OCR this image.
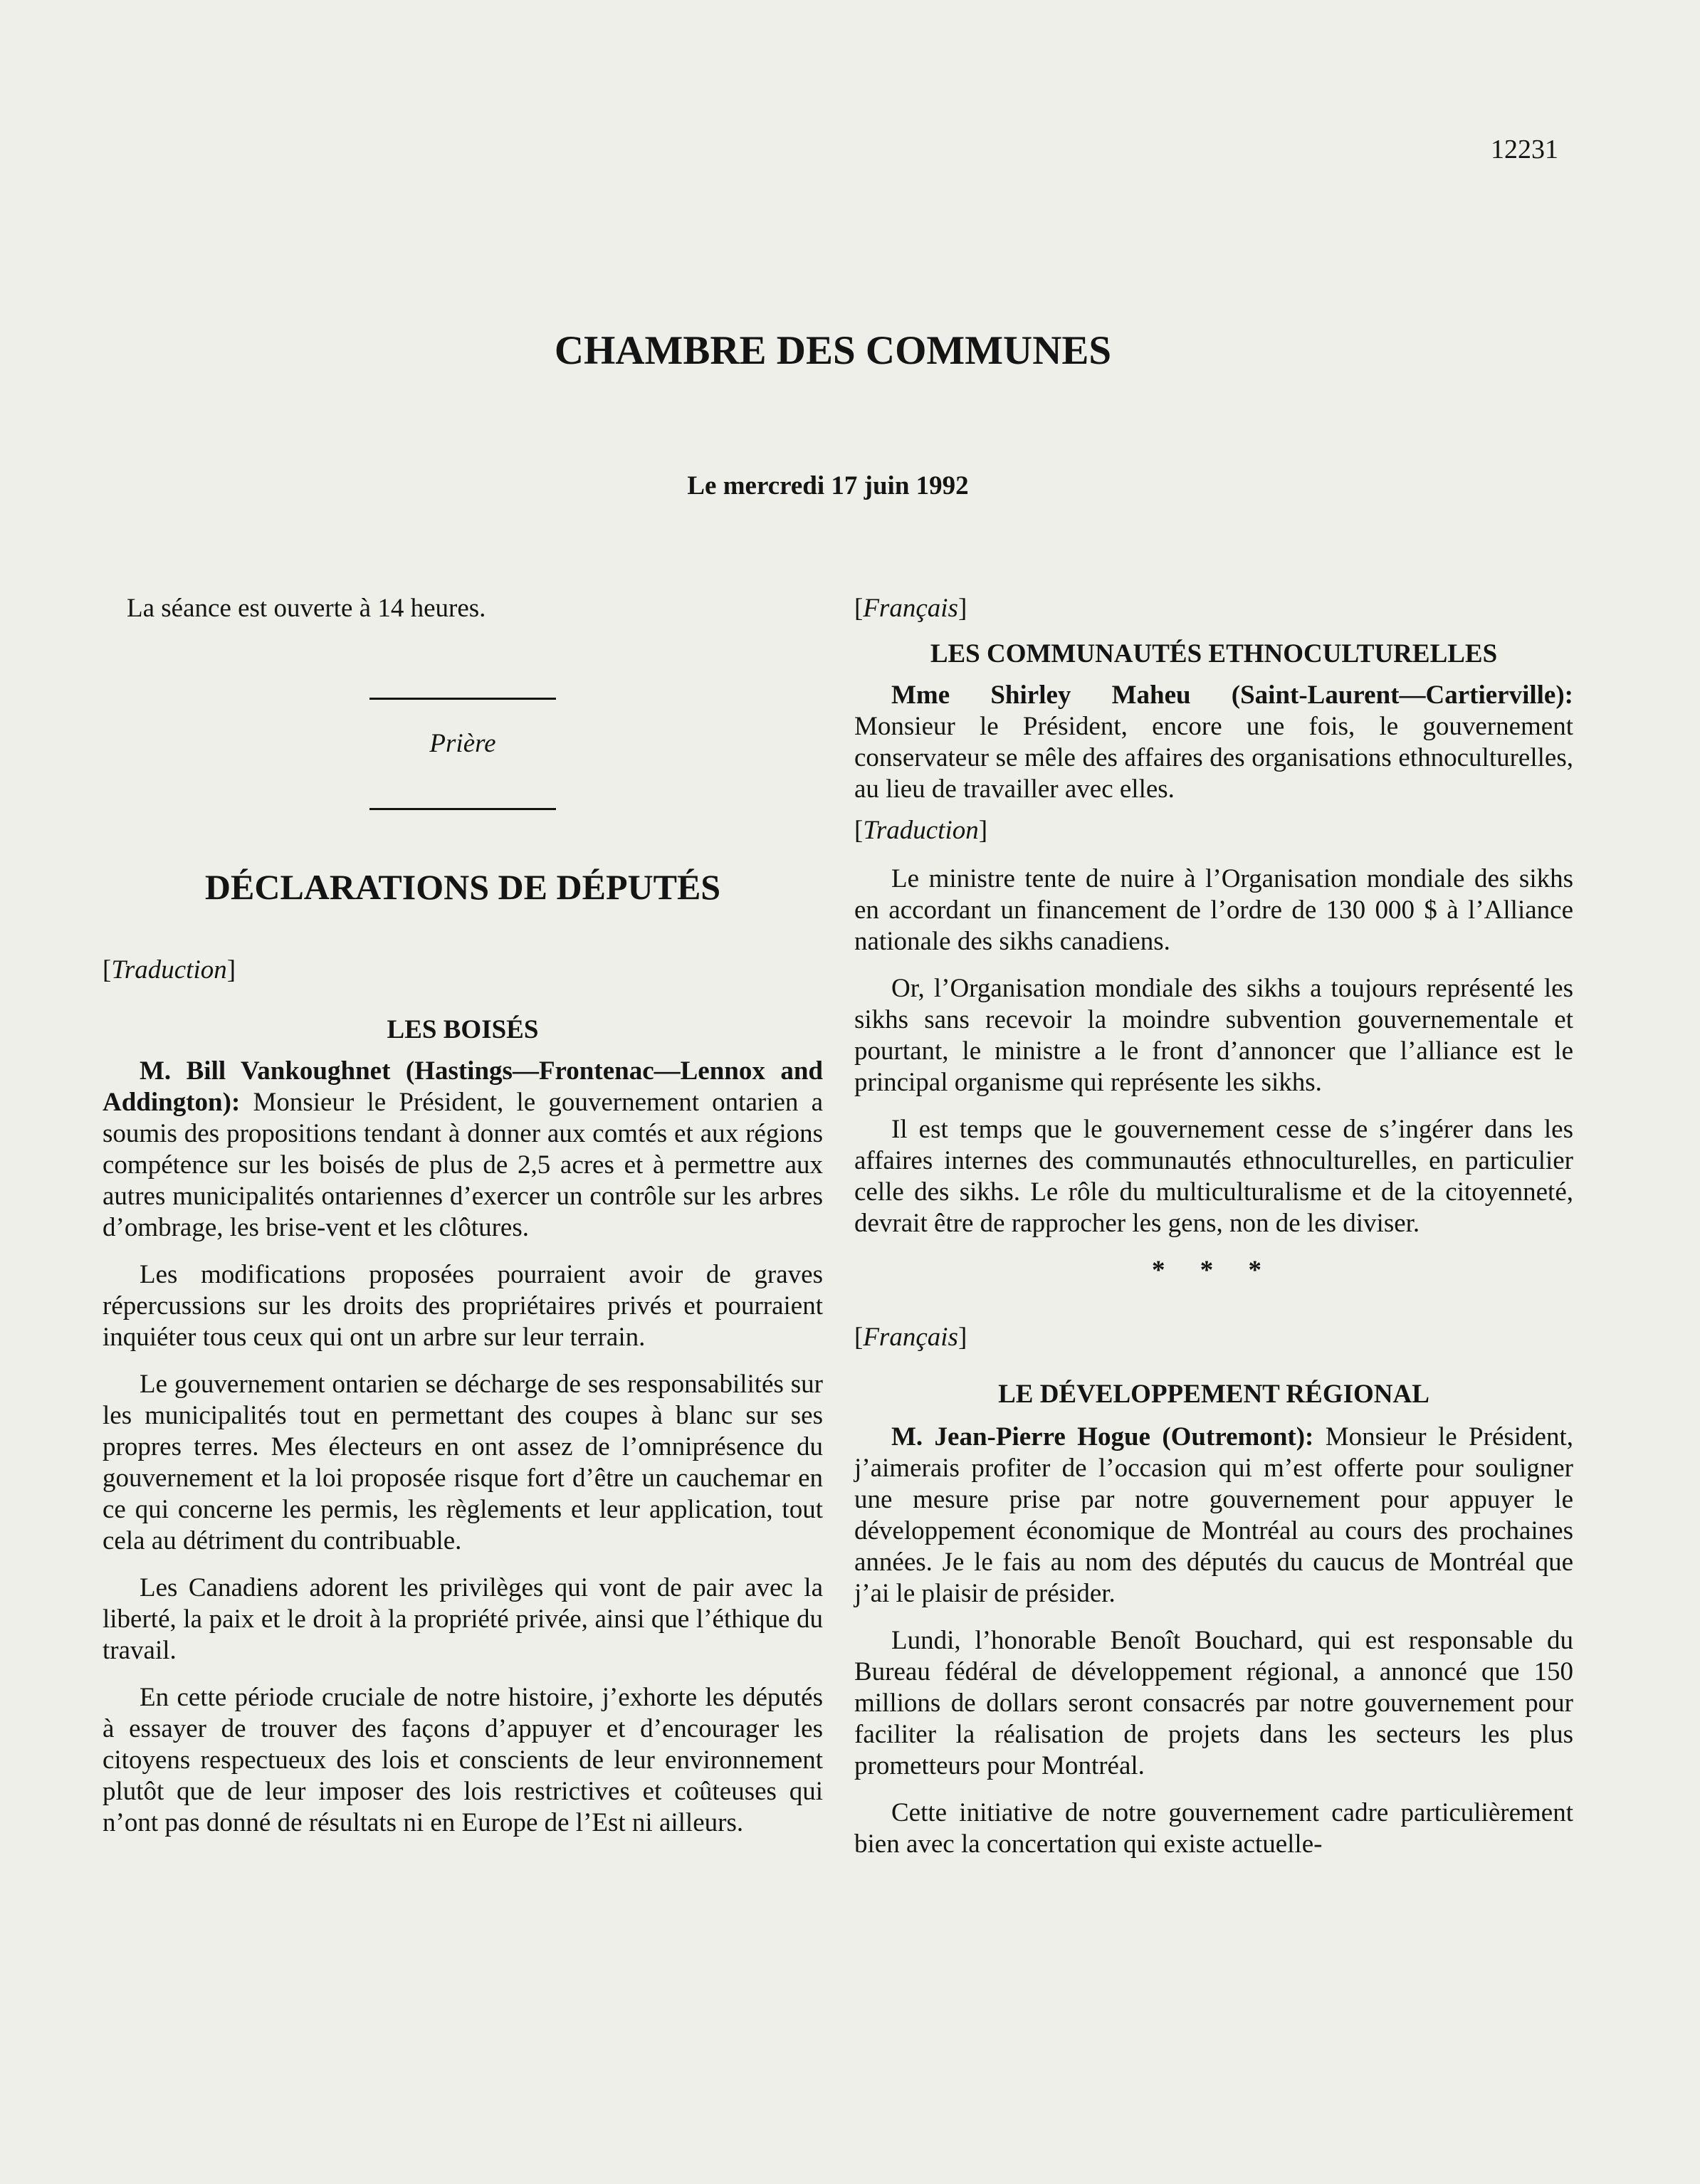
12231
CHAMBRE DES COMMUNES
Le mercredi 17 juin 1992

La séance est ouverte à 14 heures.

Prière

DÉCLARATIONS DE DÉPUTÉS

[Traduction]

LES BOISÉS

M. Bill Vankoughnet (Hastings—Frontenac—Lennox and Addington): Monsieur le Président, le gouvernement ontarien a soumis des propositions tendant à donner aux comtés et aux régions compétence sur les boisés de plus de 2,5 acres et à permettre aux autres municipalités ontariennes d’exercer un contrôle sur les arbres d’ombrage, les brise-vent et les clôtures.

Les modifications proposées pourraient avoir de graves répercussions sur les droits des propriétaires privés et pourraient inquiéter tous ceux qui ont un arbre sur leur terrain.

Le gouvernement ontarien se décharge de ses responsabilités sur les municipalités tout en permettant des coupes à blanc sur ses propres terres. Mes électeurs en ont assez de l’omniprésence du gouvernement et la loi proposée risque fort d’être un cauchemar en ce qui concerne les permis, les règlements et leur application, tout cela au détriment du contribuable.

Les Canadiens adorent les privilèges qui vont de pair avec la liberté, la paix et le droit à la propriété privée, ainsi que l’éthique du travail.

En cette période cruciale de notre histoire, j’exhorte les députés à essayer de trouver des façons d’appuyer et d’encourager les citoyens respectueux des lois et conscients de leur environnement plutôt que de leur imposer des lois restrictives et coûteuses qui n’ont pas donné de résultats ni en Europe de l’Est ni ailleurs.

[Français]

LES COMMUNAUTÉS ETHNOCULTURELLES

Mme Shirley Maheu (Saint-Laurent—Cartierville): Monsieur le Président, encore une fois, le gouvernement conservateur se mêle des affaires des organisations ethnoculturelles, au lieu de travailler avec elles.

[Traduction]

Le ministre tente de nuire à l’Organisation mondiale des sikhs en accordant un financement de l’ordre de 130 000 $ à l’Alliance nationale des sikhs canadiens.

Or, l’Organisation mondiale des sikhs a toujours représenté les sikhs sans recevoir la moindre subvention gouvernementale et pourtant, le ministre a le front d’annoncer que l’alliance est le principal organisme qui représente les sikhs.

Il est temps que le gouvernement cesse de s’ingérer dans les affaires internes des communautés ethnoculturelles, en particulier celle des sikhs. Le rôle du multiculturalisme et de la citoyenneté, devrait être de rapprocher les gens, non de les diviser.

* * *

[Français]

LE DÉVELOPPEMENT RÉGIONAL

M. Jean-Pierre Hogue (Outremont): Monsieur le Président, j’aimerais profiter de l’occasion qui m’est offerte pour souligner une mesure prise par notre gouvernement pour appuyer le développement économique de Montréal au cours des prochaines années. Je le fais au nom des députés du caucus de Montréal que j’ai le plaisir de présider.

Lundi, l’honorable Benoît Bouchard, qui est responsable du Bureau fédéral de développement régional, a annoncé que 150 millions de dollars seront consacrés par notre gouvernement pour faciliter la réalisation de projets dans les secteurs les plus prometteurs pour Montréal.

Cette initiative de notre gouvernement cadre particulièrement bien avec la concertation qui existe actuelle-
